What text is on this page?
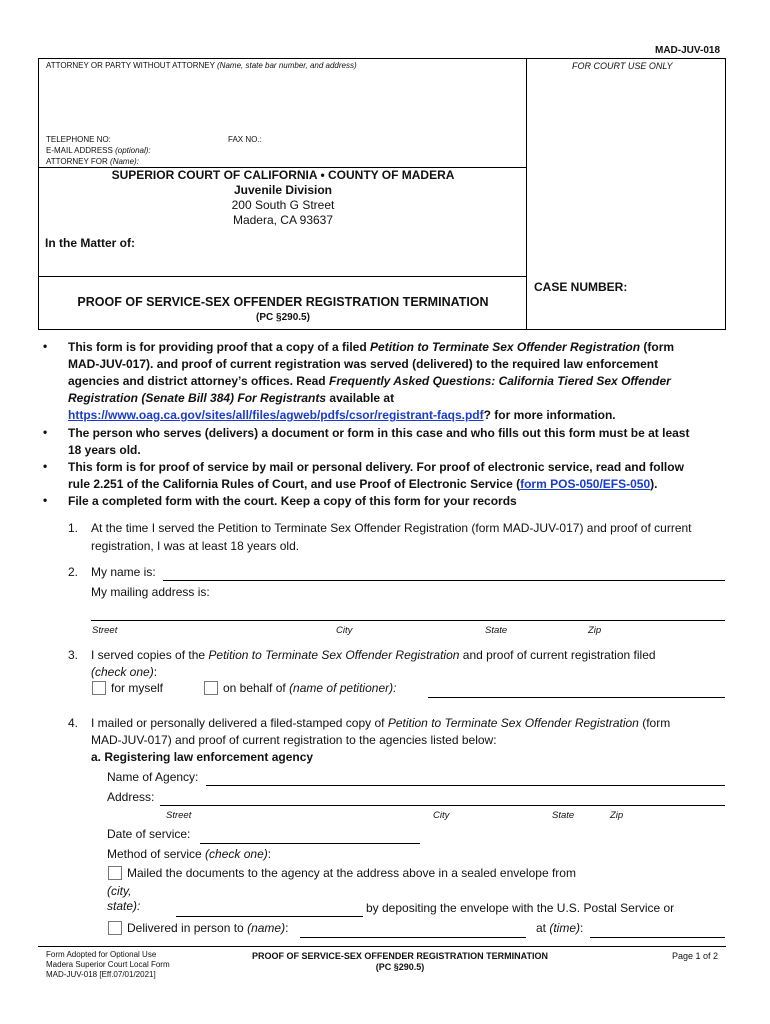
MAD-JUV-018
ATTORNEY OR PARTY WITHOUT ATTORNEY (Name, state bar number, and address)	FOR COURT USE ONLY
TELEPHONE NO:	FAX NO.:
E-MAIL ADDRESS (optional):
ATTORNEY FOR (Name):
SUPERIOR COURT OF CALIFORNIA • COUNTY OF MADERA
Juvenile Division
200 South G Street
Madera, CA 93637
In the Matter of:
CASE NUMBER:
PROOF OF SERVICE-SEX OFFENDER REGISTRATION TERMINATION
(PC §290.5)
• This form is for providing proof that a copy of a filed Petition to Terminate Sex Offender Registration (form
MAD-JUV-017). and proof of current registration was served (delivered) to the required law enforcement
agencies and district attorney’s offices. Read Frequently Asked Questions: California Tiered Sex Offender
Registration (Senate Bill 384) For Registrants available at
https://www.oag.ca.gov/sites/all/files/agweb/pdfs/csor/registrant-faqs.pdf? for more information.
• The person who serves (delivers) a document or form in this case and who fills out this form must be at least
18 years old.
• This form is for proof of service by mail or personal delivery. For proof of electronic service, read and follow
rule 2.251 of the California Rules of Court, and use Proof of Electronic Service (form POS-050/EFS-050).
• File a completed form with the court. Keep a copy of this form for your records
1. At the time I served the Petition to Terminate Sex Offender Registration (form MAD-JUV-017) and proof of current
registration, I was at least 18 years old.
2. My name is:
My mailing address is:
Street	City	State	Zip
3. I served copies of the Petition to Terminate Sex Offender Registration and proof of current registration filed
(check one):
for myself	on behalf of (name of petitioner):
4. I mailed or personally delivered a filed-stamped copy of Petition to Terminate Sex Offender Registration (form
MAD-JUV-017) and proof of current registration to the agencies listed below:
a. Registering law enforcement agency
Name of Agency:
Address:
Street	City	State	Zip
Date of service:
Method of service (check one):
Mailed the documents to the agency at the address above in a sealed envelope from
(city,
state):	by depositing the envelope with the U.S. Postal Service or
Delivered in person to (name):	at (time):
Form Adopted for Optional Use
Madera Superior Court Local Form
MAD-JUV-018 [Eff.07/01/2021]
PROOF OF SERVICE-SEX OFFENDER REGISTRATION TERMINATION
(PC §290.5)
Page 1 of 2
